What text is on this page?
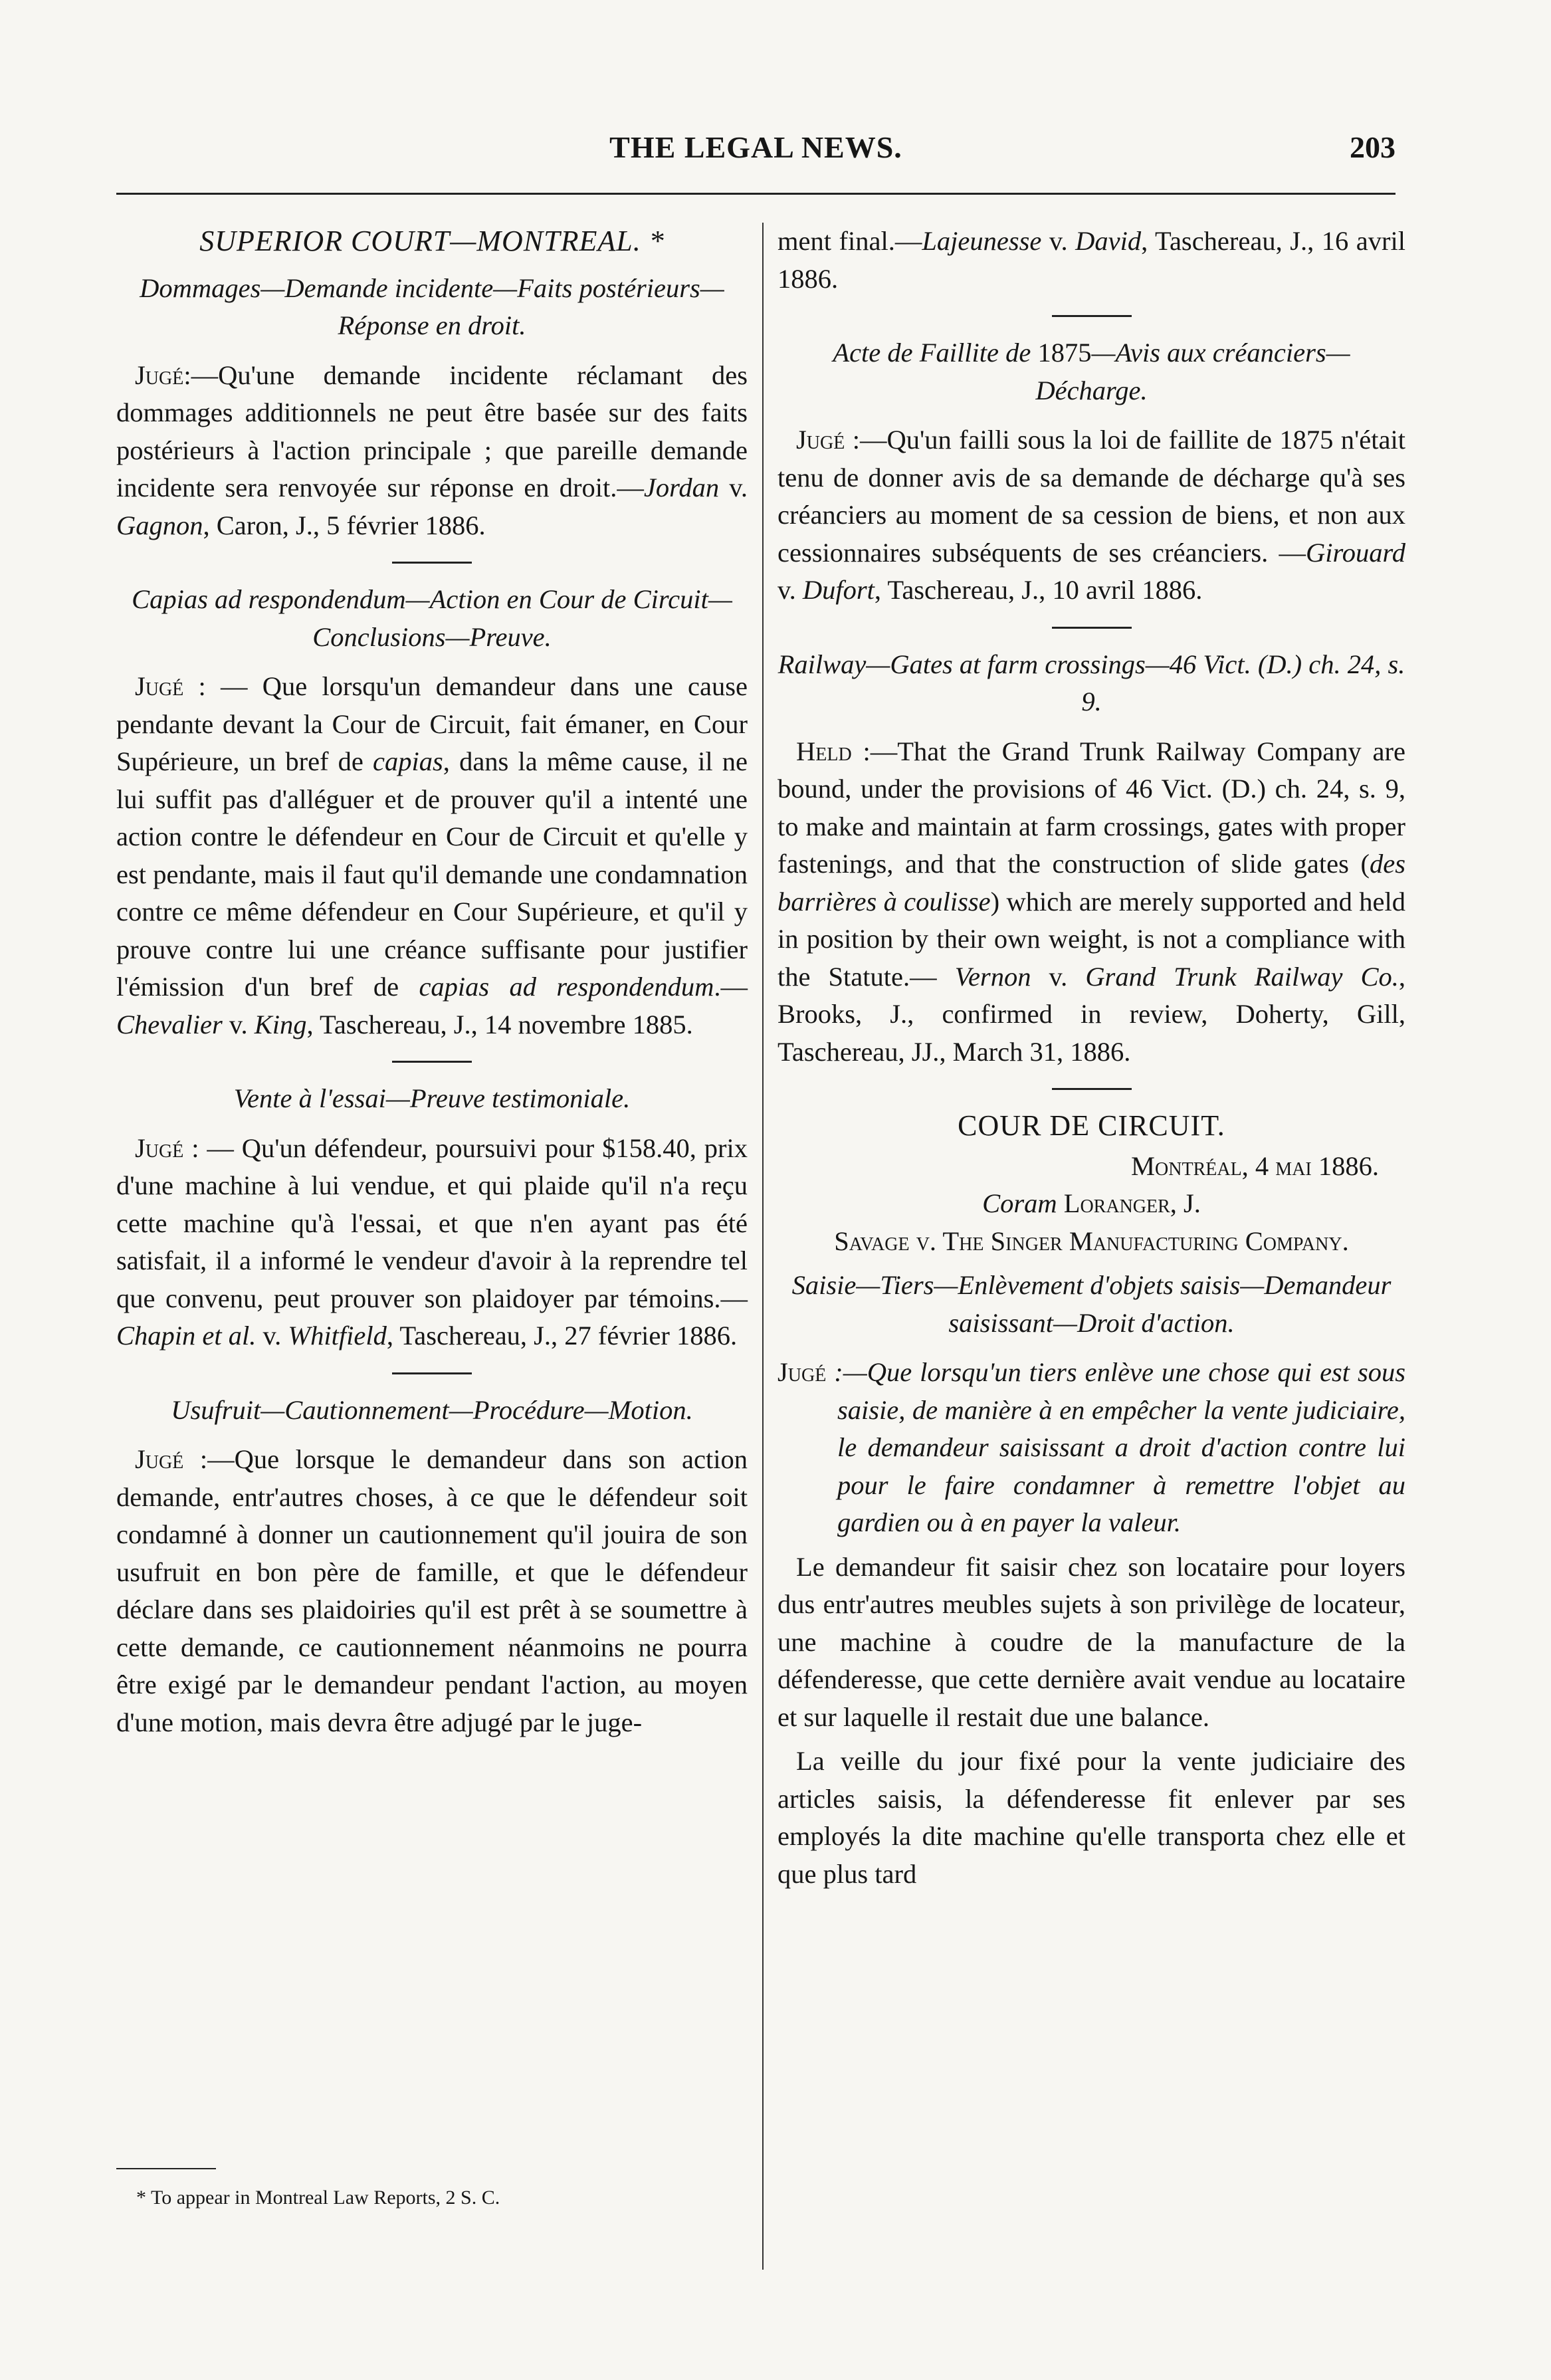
THE LEGAL NEWS.	203
SUPERIOR COURT—MONTREAL. *
Dommages—Demande incidente—Faits postérieurs—Réponse en droit.

Jugé:—Qu'une demande incidente réclamant des dommages additionnels ne peut être basée sur des faits postérieurs à l'action principale ; que pareille demande incidente sera renvoyée sur réponse en droit.—Jordan v. Gagnon, Caron, J., 5 février 1886.

Capias ad respondendum—Action en Cour de Circuit—Conclusions—Preuve.

Jugé : — Que lorsqu'un demandeur dans une cause pendante devant la Cour de Circuit, fait émaner, en Cour Supérieure, un bref de capias, dans la même cause, il ne lui suffit pas d'alléguer et de prouver qu'il a intenté une action contre le défendeur en Cour de Circuit et qu'elle y est pendante, mais il faut qu'il demande une condamnation contre ce même défendeur en Cour Supérieure, et qu'il y prouve contre lui une créance suffisante pour justifier l'émission d'un bref de capias ad respondendum.—Chevalier v. King, Taschereau, J., 14 novembre 1885.

Vente à l'essai—Preuve testimoniale.

Jugé : — Qu'un défendeur, poursuivi pour $158.40, prix d'une machine à lui vendue, et qui plaide qu'il n'a reçu cette machine qu'à l'essai, et que n'en ayant pas été satisfait, il a informé le vendeur d'avoir à la reprendre tel que convenu, peut prouver son plaidoyer par témoins.—Chapin et al. v. Whitfield, Taschereau, J., 27 février 1886.

Usufruit—Cautionnement—Procédure—Motion.

Jugé :—Que lorsque le demandeur dans son action demande, entr'autres choses, à ce que le défendeur soit condamné à donner un cautionnement qu'il jouira de son usufruit en bon père de famille, et que le défendeur déclare dans ses plaidoiries qu'il est prêt à se soumettre à cette demande, ce cautionnement néanmoins ne pourra être exigé par le demandeur pendant l'action, au moyen d'une motion, mais devra être adjugé par le juge-

* To appear in Montreal Law Reports, 2 S. C.

ment final.—Lajeunesse v. David, Taschereau, J., 16 avril 1886.

Acte de Faillite de 1875—Avis aux créanciers—Décharge.

Jugé :—Qu'un failli sous la loi de faillite de 1875 n'était tenu de donner avis de sa demande de décharge qu'à ses créanciers au moment de sa cession de biens, et non aux cessionnaires subséquents de ses créanciers. —Girouard v. Dufort, Taschereau, J., 10 avril 1886.

Railway—Gates at farm crossings—46 Vict. (D.) ch. 24, s. 9.

Held :—That the Grand Trunk Railway Company are bound, under the provisions of 46 Vict. (D.) ch. 24, s. 9, to make and maintain at farm crossings, gates with proper fastenings, and that the construction of slide gates (des barrières à coulisse) which are merely supported and held in position by their own weight, is not a compliance with the Statute.— Vernon v. Grand Trunk Railway Co., Brooks, J., confirmed in review, Doherty, Gill, Taschereau, JJ., March 31, 1886.

COUR DE CIRCUIT.
Montréal, 4 mai 1886.
Coram Loranger, J.
Savage v. The Singer Manufacturing Company.
Saisie—Tiers—Enlèvement d'objets saisis—Demandeur saisissant—Droit d'action.

Jugé :—Que lorsqu'un tiers enlève une chose qui est sous saisie, de manière à en empêcher la vente judiciaire, le demandeur saisissant a droit d'action contre lui pour le faire condamner à remettre l'objet au gardien ou à en payer la valeur.

Le demandeur fit saisir chez son locataire pour loyers dus entr'autres meubles sujets à son privilège de locateur, une machine à coudre de la manufacture de la défenderesse, que cette dernière avait vendue au locataire et sur laquelle il restait due une balance.

La veille du jour fixé pour la vente judiciaire des articles saisis, la défenderesse fit enlever par ses employés la dite machine qu'elle transporta chez elle et que plus tard
